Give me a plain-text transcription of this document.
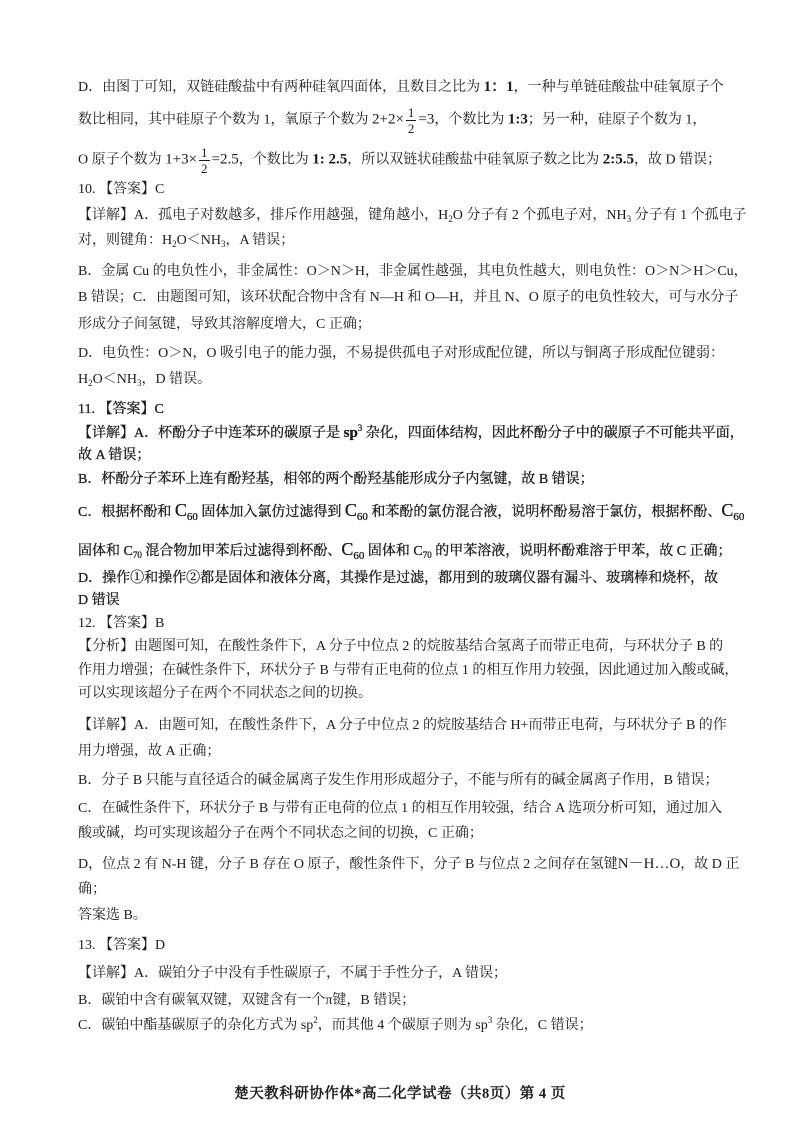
D．由图丁可知，双链硅酸盐中有两种硅氧四面体，且数目之比为 1：1，一种与单链硅酸盐中硅氧原子个
数比相同，其中硅原子个数为 1，氧原子个数为 $2+2\times \frac{1}{2} =3$，个数比为 1:3；另一种，硅原子个数为 1，
O 原子个数为 $1+3\times \frac{1}{2} =2.5$，个数比为 1: 2.5，所以双链状硅酸盐中硅氧原子数之比为 2:5.5，故 D 错误；
10. 【答案】C
【详解】A．孤电子对数越多，排斥作用越强，键角越小，$H_2O$ 分子有 2 个孤电子对，$NH_3$ 分子有 1 个孤电子
对，则键角：$H_2O<NH_3$，A 错误；
B．金属 Cu 的电负性小，非金属性：O＞N＞H，非金属性越强，其电负性越大，则电负性：O＞N＞H＞Cu，
B 错误；C．由题图可知，该环状配合物中含有 N—H 和 O—H，并且 N、O 原子的电负性较大，可与水分子
形成分子间氢键，导致其溶解度增大，C 正确；
D．电负性：O＞N，O 吸引电子的能力强，不易提供孤电子对形成配位键，所以与铜离子形成配位键弱：
$H_2O<NH_3$，D 错误。
11. 【答案】C
【详解】A．杯酚分子中连苯环的碳原子是 $sp^3$ 杂化，四面体结构，因此杯酚分子中的碳原子不可能共平面，
故 A 错误；
B．杯酚分子苯环上连有酚羟基，相邻的两个酚羟基能形成分子内氢键，故 B 错误；
C．根据杯酚和 $C_{60}$ 固体加入氯仿过滤得到 $C_{60}$ 和苯酚的氯仿混合液，说明杯酚易溶于氯仿，根据杯酚、$C_{60}$
固体和 $C_{70}$ 混合物加甲苯后过滤得到杯酚、$C_{60}$ 固体和 $C_{70}$ 的甲苯溶液，说明杯酚难溶于甲苯，故 C 正确；
D．操作①和操作②都是固体和液体分离，其操作是过滤，都用到的玻璃仪器有漏斗、玻璃棒和烧杯，故
D 错误
12. 【答案】B
【分析】由题图可知，在酸性条件下，A 分子中位点 2 的烷胺基结合氢离子而带正电荷，与环状分子 B 的
作用力增强；在碱性条件下，环状分子 B 与带有正电荷的位点 1 的相互作用力较强，因此通过加入酸或碱，
可以实现该超分子在两个不同状态之间的切换。
【详解】A．由题可知，在酸性条件下，A 分子中位点 2 的烷胺基结合 H+而带正电荷，与环状分子 B 的作
用力增强，故 A 正确；
B．分子 B 只能与直径适合的碱金属离子发生作用形成超分子，不能与所有的碱金属离子作用，B 错误；
C．在碱性条件下，环状分子 B 与带有正电荷的位点 1 的相互作用较强，结合 A 选项分析可知，通过加入
酸或碱，均可实现该超分子在两个不同状态之间的切换，C 正确；
D，位点 2 有 N-H 键，分子 B 存在 O 原子，酸性条件下，分子 B 与位点 2 之间存在氢键N－H…O，故 D 正
确；
答案选 B。
13. 【答案】D
【详解】A．碳铂分子中没有手性碳原子，不属于手性分子，A 错误；
B．碳铂中含有碳氧双键，双键含有一个π键，B 错误；
C．碳铂中酯基碳原子的杂化方式为 $sp^2$，而其他 4 个碳原子则为 $sp^3$ 杂化，C 错误；
楚天教科研协作体*高二化学试卷（共8页）第 4 页
